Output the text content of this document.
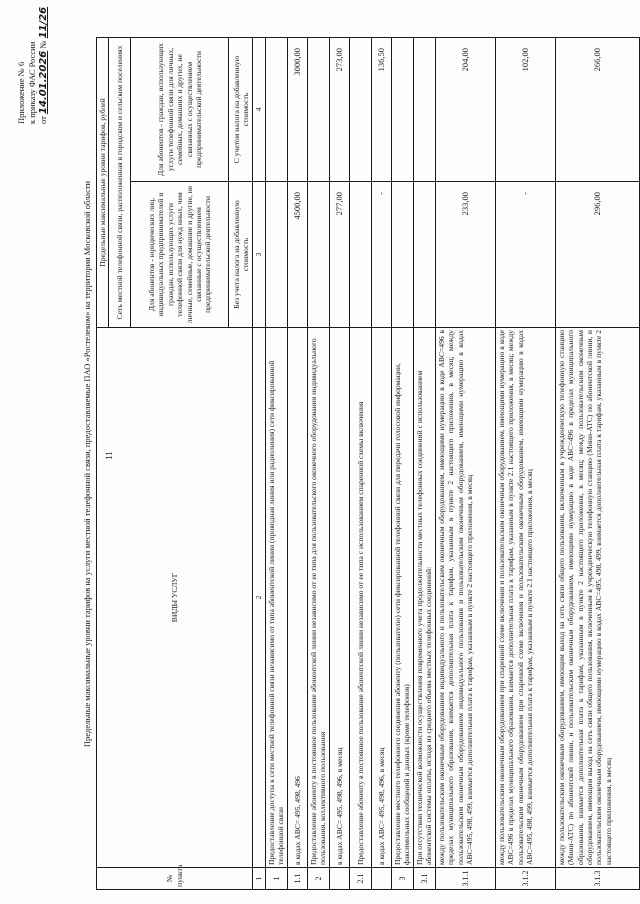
11
Приложение № 6 к приказу ФАС России от 14.01.2026 № 11/26
Предельные максимальные уровни тарифов на услуги местной телефонной связи, предоставляемые ПАО «Ростелеком» на территории Московской области
№ пункта	ВИДЫ УСЛУГ	Предельные максимальные уровни тарифов, рублей	
		Сеть местной телефонной связи, расположенная в городском и сельском поселениях	
		Для абонентов - юридических лиц, индивидуальных предпринимателей и граждан, использующих услуги телефонной связи для нужд иных, чем личные, семейные, домашние и другие, не связанные с осуществлением предпринимательской деятельности	Для абонентов - граждан, использующих услуги телефонной связи для личных, семейных, домашних и других, не связанных с осуществлением предпринимательской деятельности
		Без учета налога на добавленную стоимость	С учетом налога на добавленную стоимость
1	2	3	4
1	Предоставление доступа к сети местной телефонной связи независимо от типа абонентской линии (проводная линия или радиолиния) сети фиксированной телефонной связи		
1.1	в кодах АВС= 495, 498, 496	4500,00	3000,00
2	Предоставление абоненту в постоянное пользование абонентской линии независимо от ее типа для пользовательского оконечного оборудования индивидуального пользования, коллективного пользования		
	в кодах АВС= 495, 498, 496, в месяц	277,00	273,00
2.1	Предоставление абоненту в постоянное пользование абонентской линии независимо от ее типа с использованием спаренной схемы включения		
	в кодах АВС= 495, 498, 496, в месяц	-	136,50
3	Предоставление местного телефонного соединения абоненту (пользователю) сети фиксированной телефонной связи для передачи голосовой информации, факсимильных сообщений и данных (кроме телефонов)		
3.1	При отсутствии технической возможности осуществления повременного учета продолжительности местных телефонных соединений с использованием абонентской системы оплаты, исходя из среднего объема местных телефонных соединений:		
3.1.1	между пользовательским оконечным оборудованием индивидуального и пользовательским оконечным оборудованием, имеющими нумерацию в коде АВС=496 в пределах муниципального образования, взимается дополнительная плата к тарифам, указанным в пункте 2 настоящего приложения, в месяц; между пользовательским оконечным оборудованием индивидуального пользования и пользовательским оконечным оборудованием, имеющими нумерацию в кодах АВС=495, 498, 499, взимается дополнительная плата к тарифам, указанным в пункте 2 настоящего приложения, в месяц	233,00	204,00
3.1.2	между пользовательским оконечным оборудованием при спаренной схеме включения и пользовательским оконечным оборудованием, имеющими нумерацию в коде АВС=496 в пределах муниципального образования, взимается дополнительная плата к тарифам, указанным в пункте 2.1 настоящего приложения, в месяц; между пользовательским оконечным оборудованием при спаренной схеме включения и пользовательским оконечным оборудованием, имеющими нумерацию в кодах АВС=495, 498, 499, взимается дополнительная плата к тарифам, указанным в пункте 2.1 настоящего приложения, в месяц	-	102,00
3.1.3	между пользовательским оконечным оборудованием, имеющим выход на сеть связи общего пользования, включенным в учрежденческую телефонную станцию (Мини-АТС) по абонентской линии, и пользовательским оконечным оборудованием, имеющими нумерацию в коде АВС=496 в пределах муниципального образования, взимается дополнительная плата к тарифам, указанным в пункте 2 настоящего приложения, в месяц; между пользовательским оконечным оборудованием, имеющим выход на сеть связи общего пользования, включенным в учрежденческую телефонную станцию (Мини-АТС) по абонентской линии, и пользовательским оконечным оборудованием, имеющими нумерацию в кодах АВС=495, 498, 499, взимается дополнительная плата к тарифам, указанным в пункте 2 настоящего приложения, в месяц	296,00	266,00
